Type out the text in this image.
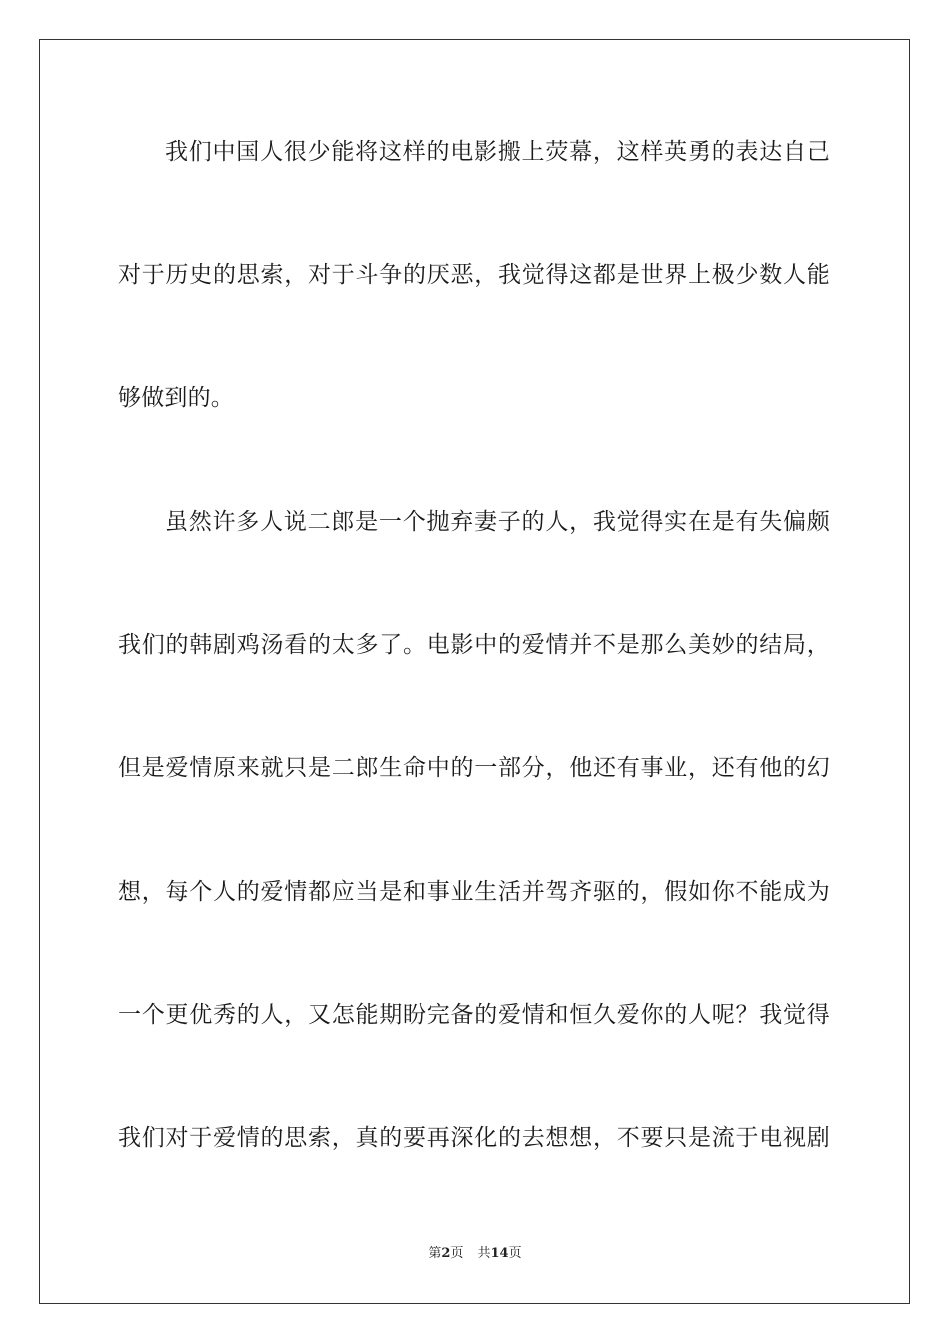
我们中国人很少能将这样的电影搬上荧幕，这样英勇的表达自己
对于历史的思索，对于斗争的厌恶，我觉得这都是世界上极少数人能
够做到的。
虽然许多人说二郎是一个抛弃妻子的人，我觉得实在是有失偏颇
我们的韩剧鸡汤看的太多了。电影中的爱情并不是那么美妙的结局，
但是爱情原来就只是二郎生命中的一部分，他还有事业，还有他的幻
想，每个人的爱情都应当是和事业生活并驾齐驱的，假如你不能成为
一个更优秀的人，又怎能期盼完备的爱情和恒久爱你的人呢？我觉得
我们对于爱情的思索，真的要再深化的去想想，不要只是流于电视剧
第2页 共14页
